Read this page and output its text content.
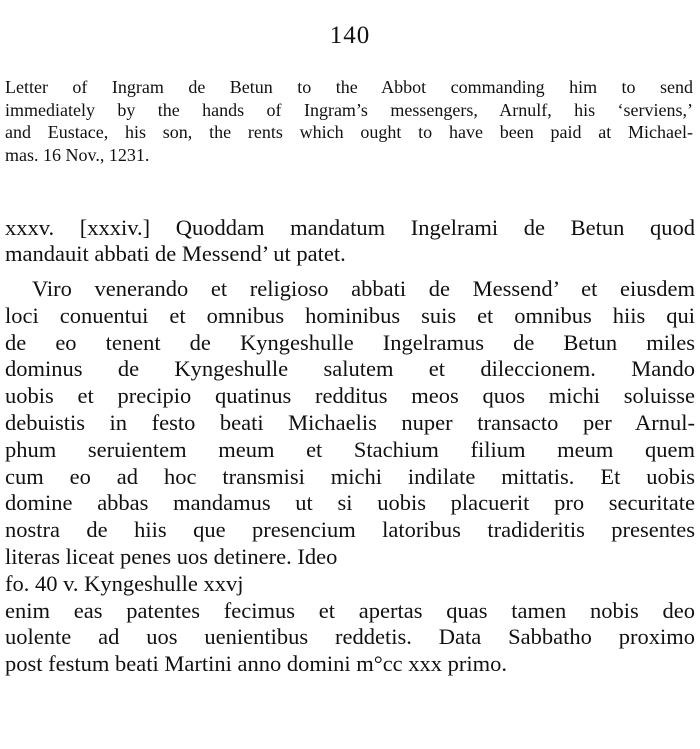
140
Letter of Ingram de Betun to the Abbot commanding him to send
immediately by the hands of Ingram’s messengers, Arnulf, his ‘serviens,’
and Eustace, his son, the rents which ought to have been paid at Michael-
mas. 16 Nov., 1231.
xxxv. [xxxiv.] Quoddam mandatum Ingelrami de Betun quod
mandauit abbati de Messend’ ut patet.
Viro venerando et religioso abbati de Messend’ et eiusdem
loci conuentui et omnibus hominibus suis et omnibus hiis qui
de eo tenent de Kyngeshulle Ingelramus de Betun miles
dominus de Kyngeshulle salutem et dileccionem. Mando
uobis et precipio quatinus redditus meos quos michi soluisse
debuistis in festo beati Michaelis nuper transacto per Arnul-
phum seruientem meum et Stachium filium meum quem
cum eo ad hoc transmisi michi indilate mittatis. Et uobis
domine abbas mandamus ut si uobis placuerit pro securitate
nostra de hiis que presencium latoribus tradideritis presentes
literas liceat penes uos detinere. Ideo
fo. 40 v. Kyngeshulle xxvj
enim eas patentes fecimus et apertas quas tamen nobis deo
uolente ad uos uenientibus reddetis. Data Sabbatho proximo
post festum beati Martini anno domini m°cc xxx primo.
